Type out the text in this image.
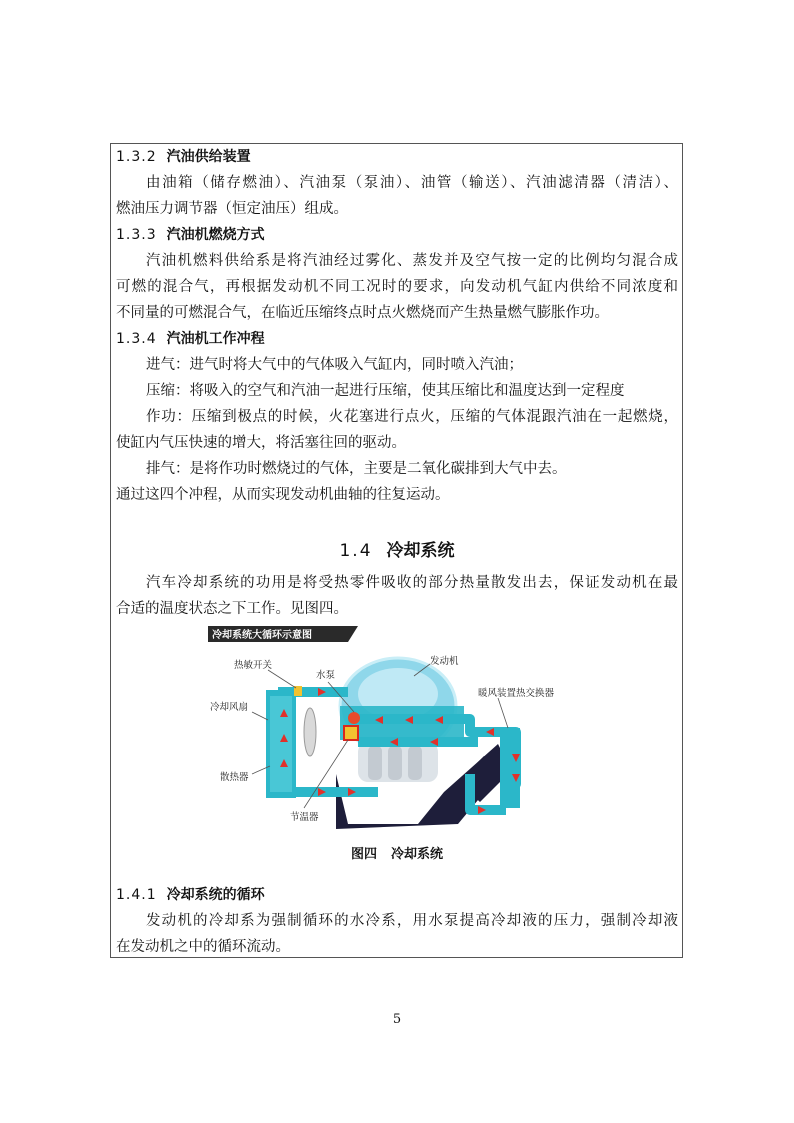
1.3.2 汽油供给装置
由油箱（储存燃油）、汽油泵（泵油）、油管（输送）、汽油滤清器（清洁）、
燃油压力调节器（恒定油压）组成。
1.3.3 汽油机燃烧方式
汽油机燃料供给系是将汽油经过雾化、蒸发并及空气按一定的比例均匀混合成
可燃的混合气，再根据发动机不同工况时的要求，向发动机气缸内供给不同浓度和
不同量的可燃混合气，在临近压缩终点时点火燃烧而产生热量燃气膨胀作功。
1.3.4 汽油机工作冲程
进气：进气时将大气中的气体吸入气缸内，同时喷入汽油；
压缩：将吸入的空气和汽油一起进行压缩，使其压缩比和温度达到一定程度
作功：压缩到极点的时候，火花塞进行点火，压缩的气体混跟汽油在一起燃烧，
使缸内气压快速的增大，将活塞往回的驱动。
排气：是将作功时燃烧过的气体，主要是二氧化碳排到大气中去。
通过这四个冲程，从而实现发动机曲轴的往复运动。
1.4 冷却系统
汽车冷却系统的功用是将受热零件吸收的部分热量散发出去，保证发动机在最
合适的温度状态之下工作。见图四。
冷却系统大循环示意图
热敏开关
水泵
发动机
冷却风扇
暖风装置热交换器
散热器
节温器
图四 冷却系统
1.4.1 冷却系统的循环
发动机的冷却系为强制循环的水冷系，用水泵提高冷却液的压力，强制冷却液
在发动机之中的循环流动。
5
